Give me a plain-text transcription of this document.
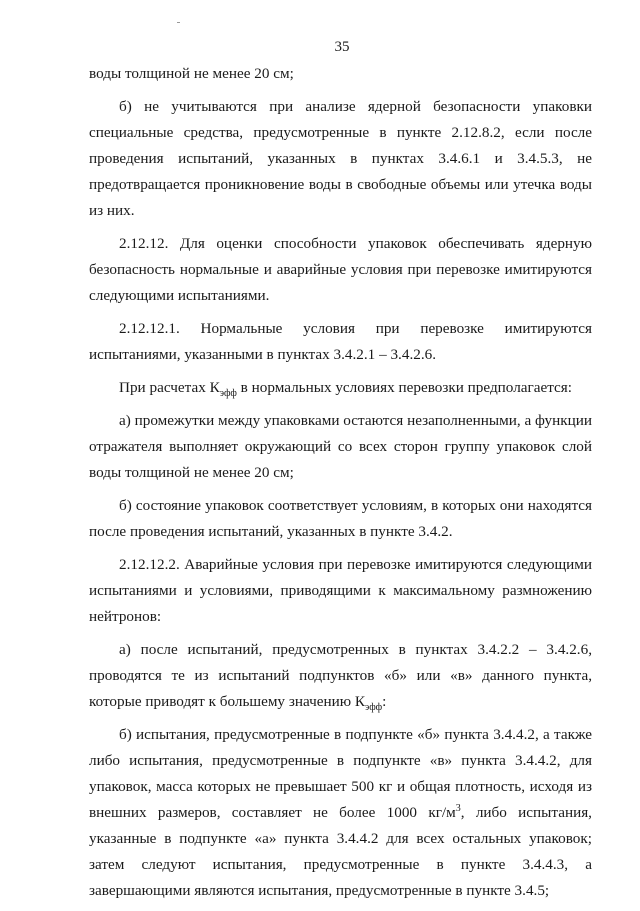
35

воды толщиной не менее 20 см;

б) не учитываются при анализе ядерной безопасности упаковки специальные средства, предусмотренные в пункте 2.12.8.2, если после проведения испытаний, указанных в пунктах 3.4.6.1 и 3.4.5.3, не предотвращается проникновение воды в свободные объемы или утечка воды из них.

2.12.12. Для оценки способности упаковок обеспечивать ядерную безопасность нормальные и аварийные условия при перевозке имитируются следующими испытаниями.

2.12.12.1. Нормальные условия при перевозке имитируются испытаниями, указанными в пунктах 3.4.2.1 – 3.4.2.6.

При расчетах $К_{эфф}$ в нормальных условиях перевозки предполагается:

а) промежутки между упаковками остаются незаполненными, а функции отражателя выполняет окружающий со всех сторон группу упаковок слой воды толщиной не менее 20 см;

б) состояние упаковок соответствует условиям, в которых они находятся после проведения испытаний, указанных в пункте 3.4.2.

2.12.12.2. Аварийные условия при перевозке имитируются следующими испытаниями и условиями, приводящими к максимальному размножению нейтронов:

а) после испытаний, предусмотренных в пунктах 3.4.2.2 – 3.4.2.6, проводятся те из испытаний подпунктов «б» или «в» данного пункта, которые приводят к большему значению $К_{эфф}$:

б) испытания, предусмотренные в подпункте «б» пункта 3.4.4.2, а также либо испытания, предусмотренные в подпункте «в» пункта 3.4.4.2, для упаковок, масса которых не превышает 500 кг и общая плотность, исходя из внешних размеров, составляет не более 1000 $кг/м^3$, либо испытания, указанные в подпункте «а» пункта 3.4.4.2 для всех остальных упаковок; затем следуют испытания, предусмотренные в пункте 3.4.4.3, а завершающими являются испытания, предусмотренные в пункте 3.4.5;
